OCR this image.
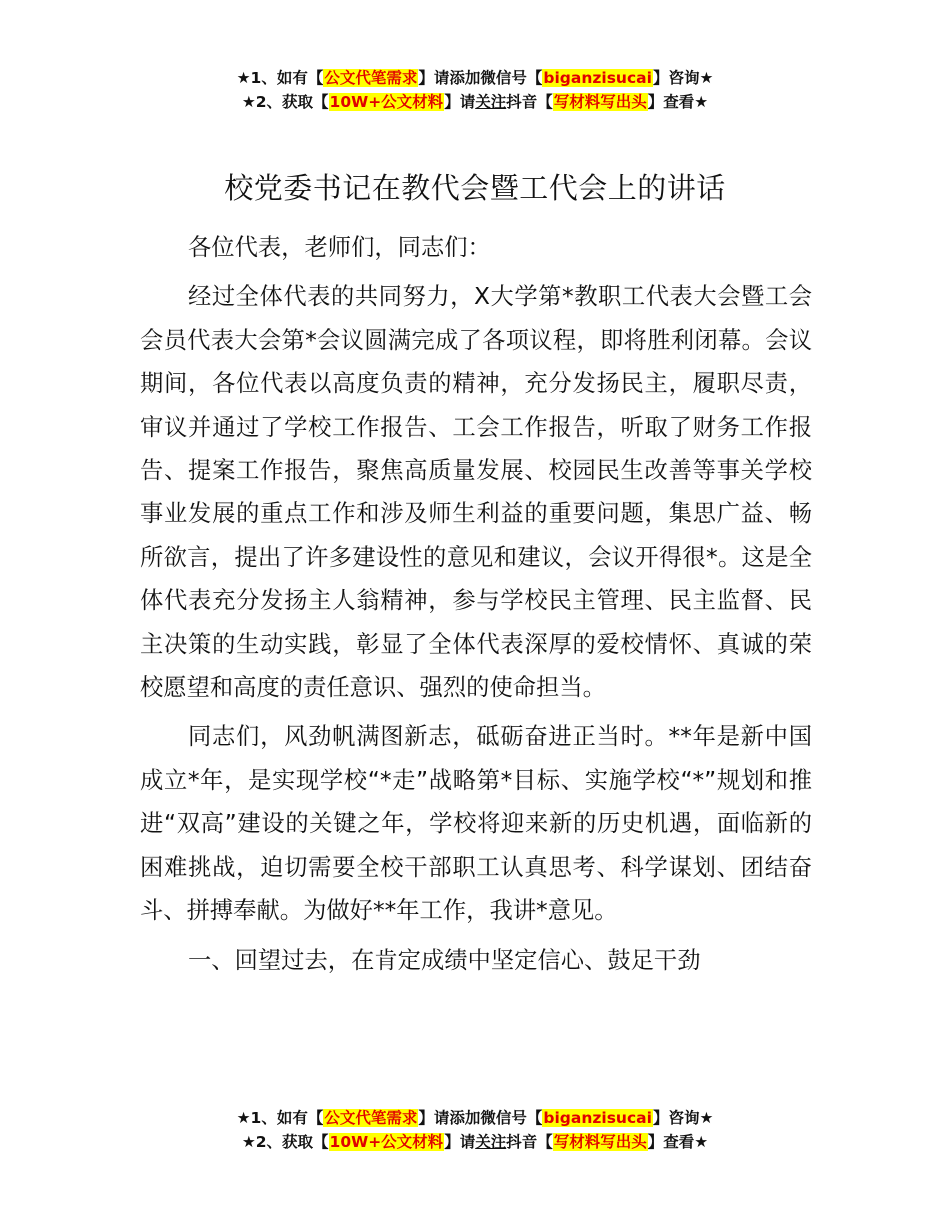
★1、如有【公文代笔需求】请添加微信号【biganzisucai】咨询★
★2、获取【10W+公文材料】请关注抖音【写材料写出头】查看★
校党委书记在教代会暨工代会上的讲话

各位代表，老师们，同志们：

经过全体代表的共同努力，X大学第*教职工代表大会暨工会会员代表大会第*会议圆满完成了各项议程，即将胜利闭幕。会议期间，各位代表以高度负责的精神，充分发扬民主，履职尽责，审议并通过了学校工作报告、工会工作报告，听取了财务工作报告、提案工作报告，聚焦高质量发展、校园民生改善等事关学校事业发展的重点工作和涉及师生利益的重要问题，集思广益、畅所欲言，提出了许多建设性的意见和建议，会议开得很*。这是全体代表充分发扬主人翁精神，参与学校民主管理、民主监督、民主决策的生动实践，彰显了全体代表深厚的爱校情怀、真诚的荣校愿望和高度的责任意识、强烈的使命担当。

同志们，风劲帆满图新志，砥砺奋进正当时。**年是新中国成立*年，是实现学校“*走”战略第*目标、实施学校“*”规划和推进“双高”建设的关键之年，学校将迎来新的历史机遇，面临新的困难挑战，迫切需要全校干部职工认真思考、科学谋划、团结奋斗、拼搏奉献。为做好**年工作，我讲*意见。

一、回望过去，在肯定成绩中坚定信心、鼓足干劲

★1、如有【公文代笔需求】请添加微信号【biganzisucai】咨询★
★2、获取【10W+公文材料】请关注抖音【写材料写出头】查看★
